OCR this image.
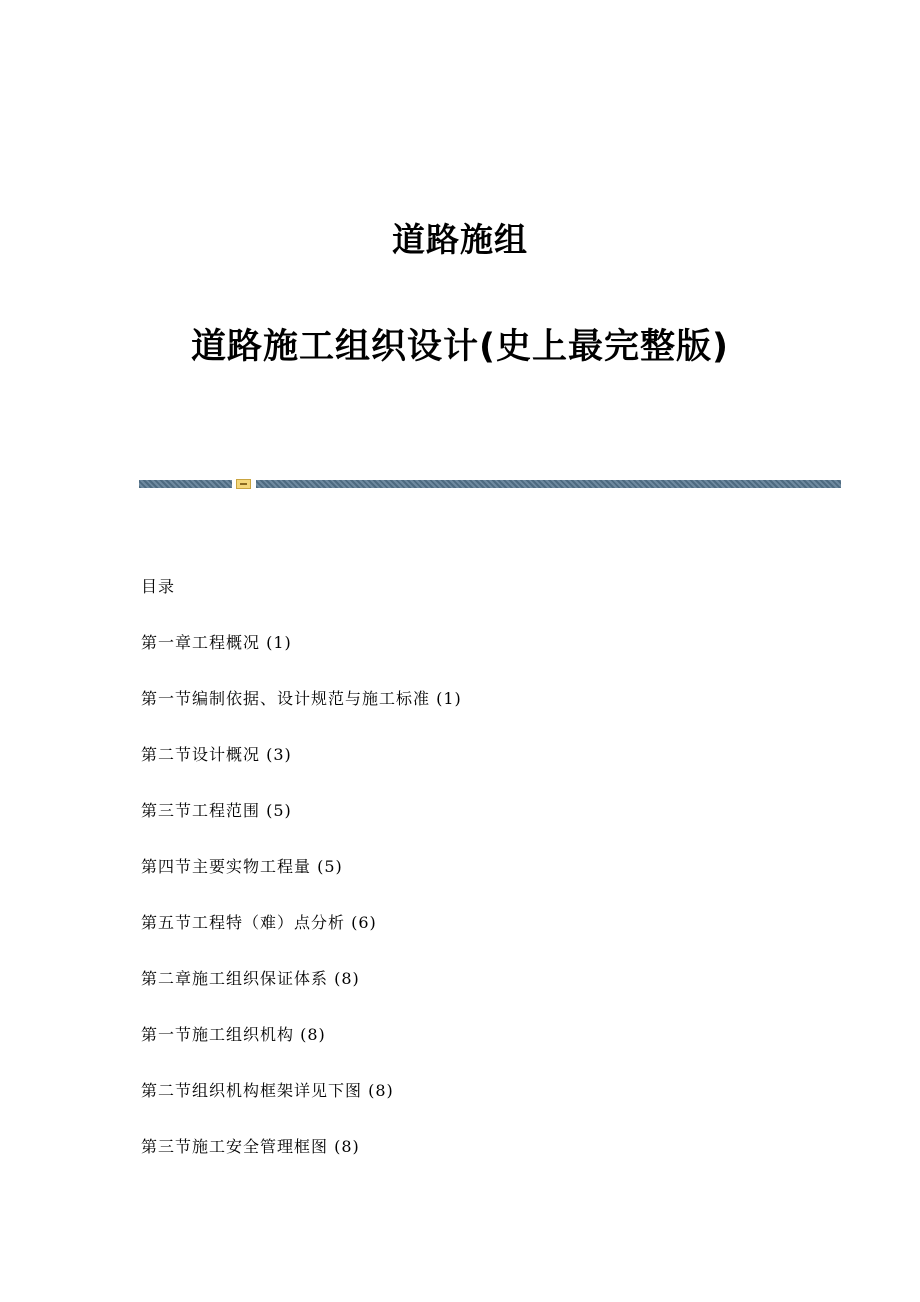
道路施组
道路施工组织设计(史上最完整版)
目录
第一章工程概况 (1)
第一节编制依据、设计规范与施工标准 (1)
第二节设计概况 (3)
第三节工程范围 (5)
第四节主要实物工程量 (5)
第五节工程特（难）点分析 (6)
第二章施工组织保证体系 (8)
第一节施工组织机构 (8)
第二节组织机构框架详见下图 (8)
第三节施工安全管理框图 (8)
